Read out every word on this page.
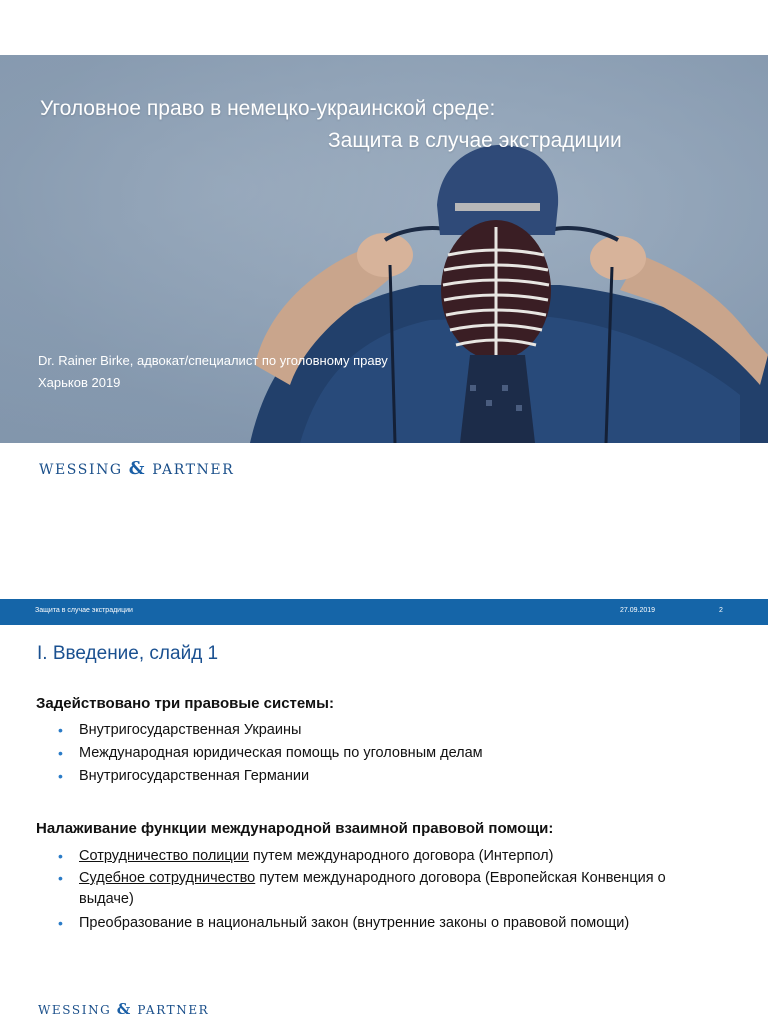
Уголовное право в немецко-украинской среде:
Защита в случае экстрадиции
Dr. Rainer Birke, адвокат/специалист по уголовному праву
Харьков 2019
WESSING & PARTNER
Защита в случае экстрадиции	27.09.2019	2
I. Введение, слайд 1
Задействовано три правовые системы:
• Внутригосударственная Украины
• Международная юридическая помощь по уголовным делам
• Внутригосударственная Германии
Налаживание функции международной взаимной правовой помощи:
• Сотрудничество полиции путем международного договора (Интерпол)
• Судебное сотрудничество путем международного договора (Европейская Конвенция о выдаче)
• Преобразование в национальный закон (внутренние законы о правовой помощи)
WESSING & PARTNER
